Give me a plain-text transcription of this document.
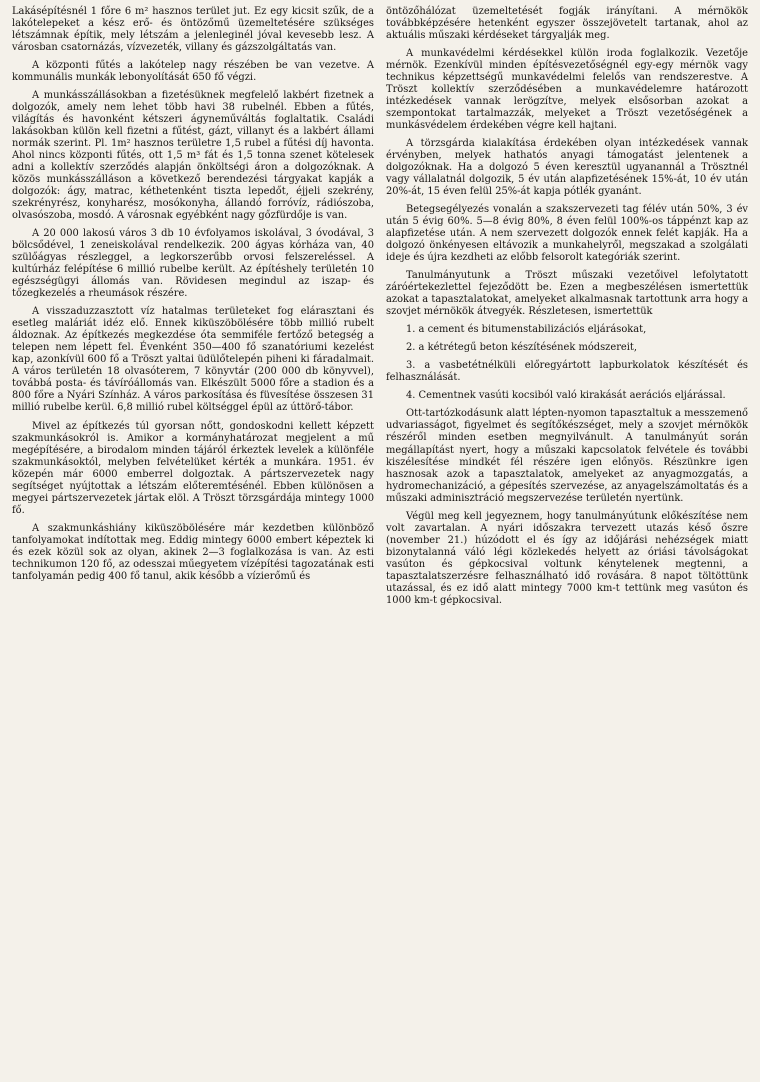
Lakásépítésnél 1 főre 6 m² hasznos terület jut. Ez egy kicsit szűk, de a lakótelepeket a kész erő- és öntözőmű üzemeltetésére szükséges létszámnak építik, mely létszám a jelenleginél jóval kevesebb lesz. A városban csatornázás, vízvezeték, villany és gázszolgáltatás van.

A központi fűtés a lakótelep nagy részében be van vezetve. A kommunális munkák lebonyolítását 650 fő végzi.

A munkásszállásokban a fizetésüknek megfelelő lakbért fizetnek a dolgozók, amely nem lehet több havi 38 rubelnél. Ebben a fűtés, világítás és havonként kétszeri ágyneműváltás foglaltatik. Családi lakásokban külön kell fizetni a fűtést, gázt, villanyt és a lakbért állami normák szerint. Pl. 1m² hasznos területre 1,5 rubel a fűtési díj havonta. Ahol nincs központi fűtés, ott 1,5 m³ fát és 1,5 tonna szenet kötelesek adni a kollektív szerződés alapján önköltségi áron a dolgozóknak. A közös munkásszálláson a következő berendezési tárgyakat kapják a dolgozók: ágy, matrac, kéthetenként tiszta lepedőt, éjjeli szekrény, szekrényrész, konyharész, mosókonyha, állandó forróvíz, rádiószoba, olvasószoba, mosdó. A városnak egyébként nagy gőzfürdője is van.

A 20 000 lakosú város 3 db 10 évfolyamos iskolával, 3 óvodával, 3 bölcsődével, 1 zeneiskolával rendelkezik. 200 ágyas kórháza van, 40 szülőágyas részleggel, a legkorszerűbb orvosi felszereléssel. A kultúrház felépítése 6 millió rubelbe került. Az építéshely területén 10 egészségügyi állomás van. Rövidesen megindul az iszap- és tőzegkezelés a rheumások részére.

A visszaduzzasztott víz hatalmas területeket fog elárasztani és esetleg maláriát idéz elő. Ennek kiküszöbölésére több millió rubelt áldoznak. Az építkezés megkezdése óta semmiféle fertőző betegség a telepen nem lépett fel. Évenként 350—400 fő szanatóriumi kezelést kap, azonkívül 600 fő a Tröszt yaltai üdülőtelepén piheni ki fáradalmait. A város területén 18 olvasóterem, 7 könyvtár (200 000 db könyvvel), továbbá posta- és távíróállomás van. Elkészült 5000 főre a stadion és a 800 főre a Nyári Színház. A város parkosítása és füvesítése összesen 31 millió rubelbe kerül. 6,8 millió rubel költséggel épül az úttörő-tábor.

Mivel az építkezés túl gyorsan nőtt, gondoskodni kellett képzett szakmunkásokról is. Amikor a kormányhatározat megjelent a mű megépítésére, a birodalom minden tájáról érkeztek levelek a különféle szakmunkásoktól, melyben felvételüket kérték a munkára. 1951. év közepén már 6000 emberrel dolgoztak. A pártszervezetek nagy segítséget nyújtottak a létszám előteremtésénél. Ebben különösen a megyei pártszervezetek jártak elöl. A Tröszt törzsgárdája mintegy 1000 fő.

A szakmunkáshiány kiküszöbölésére már kezdetben különböző tanfolyamokat indítottak meg. Eddig mintegy 6000 embert képeztek ki és ezek közül sok az olyan, akinek 2—3 foglalkozása is van. Az esti technikumon 120 fő, az odesszai műegyetem vízépítési tagozatának esti tanfolyamán pedig 400 fő tanul, akik később a vízierőmű és

öntözőhálózat üzemeltetését fogják irányítani. A mérnökök továbbképzésére hetenként egyszer összejövetelt tartanak, ahol az aktuális műszaki kérdéseket tárgyalják meg.

A munkavédelmi kérdésekkel külön iroda foglalkozik. Vezetője mérnök. Ezenkívül minden építésvezetőségnél egy-egy mérnök vagy technikus képzettségű munkavédelmi felelős van rendszerestve. A Tröszt kollektív szerződésében a munkavédelemre határozott intézkedések vannak lerögzítve, melyek elsősorban azokat a szempontokat tartalmazzák, melyeket a Tröszt vezetőségének a munkásvédelem érdekében végre kell hajtani.

A törzsgárda kialakítása érdekében olyan intézkedések vannak érvényben, melyek hathatós anyagi támogatást jelentenek a dolgozóknak. Ha a dolgozó 5 éven keresztül ugyanannál a Trösztnél vagy vállalatnál dolgozik, 5 év után alapfizetésének 15%-át, 10 év után 20%-át, 15 éven felül 25%-át kapja pótlék gyanánt.

Betegsegélyezés vonalán a szakszervezeti tag félév után 50%, 3 év után 5 évig 60%. 5—8 évig 80%, 8 éven felül 100%-os táppénzt kap az alapfizetése után. A nem szervezett dolgozók ennek felét kapják. Ha a dolgozó önkényesen eltávozik a munkahelyről, megszakad a szolgálati ideje és újra kezdheti az előbb felsorolt kategóriák szerint.

Tanulmányutunk a Tröszt műszaki vezetőivel lefolytatott záróértekezlettel fejeződött be. Ezen a megbeszélésen ismertettük azokat a tapasztalatokat, amelyeket alkalmasnak tartottunk arra hogy a szovjet mérnökök átvegyék. Részletesen, ismertettük

1. a cement és bitumenstabilizációs eljárásokat,

2. a kétrétegű beton készítésének módszereit,

3. a vasbetétnélküli előregyártott lapburkolatok készítését és felhasználását.

4. Cementnek vasúti kocsiból való kirakását aerációs eljárással.

Ott-tartózkodásunk alatt lépten-nyomon tapasztaltuk a messzemenő udvariasságot, figyelmet és segítőkészséget, mely a szovjet mérnökök részéről minden esetben megnyilvánult. A tanulmányút során megállapítást nyert, hogy a műszaki kapcsolatok felvétele és további kiszélesítése mindkét fél részére igen előnyös. Részünkre igen hasznosak azok a tapasztalatok, amelyeket az anyagmozgatás, a hydromechanizáció, a gépesítés szervezése, az anyagelszámoltatás és a műszaki adminisztráció megszervezése területén nyertünk.

Végül meg kell jegyeznem, hogy tanulmányútunk előkészítése nem volt zavartalan. A nyári időszakra tervezett utazás késő őszre (november 21.) húzódott el és így az időjárási nehézségek miatt bizonytalanná váló légi közlekedés helyett az óriási távolságokat vasúton és gépkocsival voltunk kénytelenek megtenni, a tapasztalatszerzésre felhasználható idő rovására. 8 napot töltöttünk utazással, és ez idő alatt mintegy 7000 km-t tettünk meg vasúton és 1000 km-t gépkocsival.
